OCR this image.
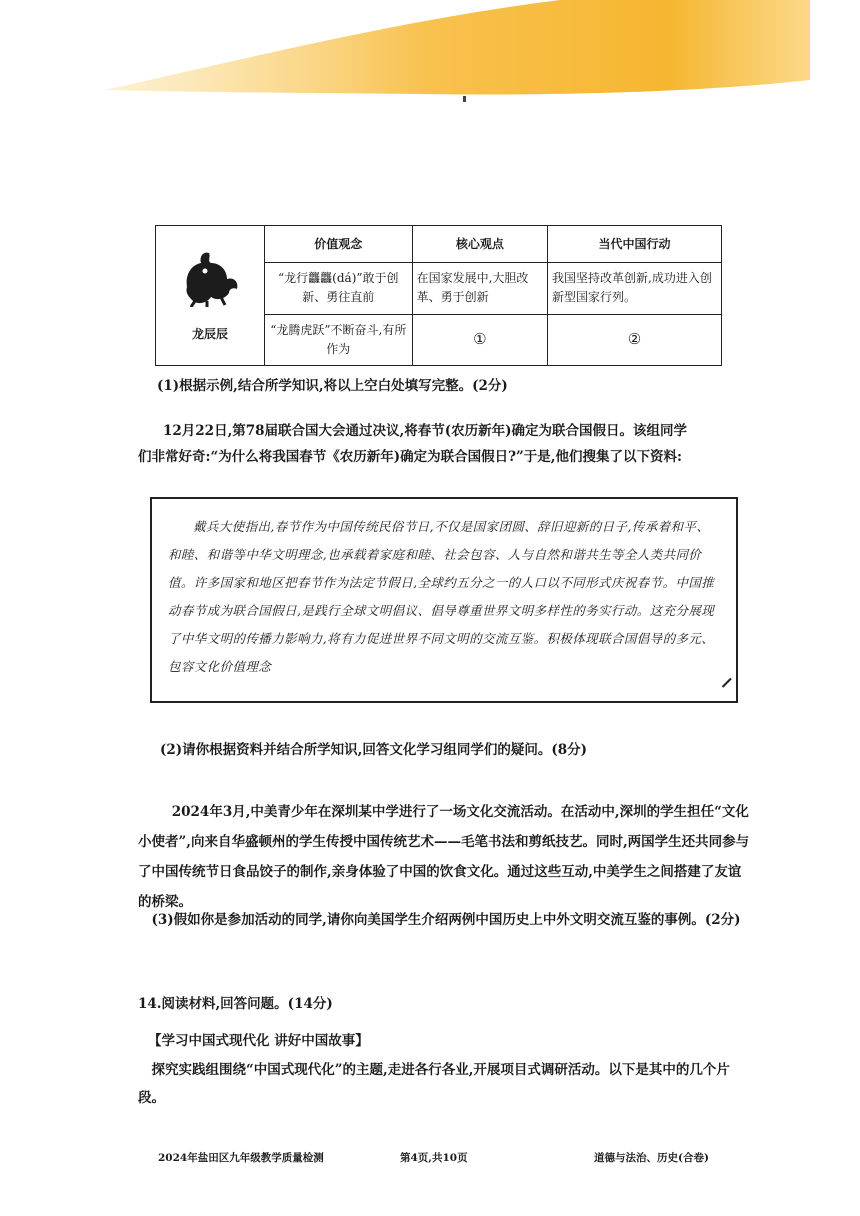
龙辰辰	价值观念	核心观点	当代中国行动
	“龙行龘龘(dá)”敢于创新、勇往直前	在国家发展中,大胆改革、勇于创新	我国坚持改革创新,成功进入创新型国家行列。
	“龙腾虎跃”不断奋斗,有所作为	①	②
(1)根据示例,结合所学知识,将以上空白处填写完整。(2分)
12月22日,第78届联合国大会通过决议,将春节(农历新年)确定为联合国假日。该组同学
们非常好奇:“为什么将我国春节《农历新年)确定为联合国假日?”于是,他们搜集了以下资料:
戴兵大使指出,春节作为中国传统民俗节日,不仅是国家团圆、辞旧迎新的日子,传承着和平、和睦、和谐等中华文明理念,也承载着家庭和睦、社会包容、人与自然和谐共生等全人类共同价值。许多国家和地区把春节作为法定节假日,全球约五分之一的人口以不同形式庆祝春节。中国推动春节成为联合国假日,是践行全球文明倡议、倡导尊重世界文明多样性的务实行动。这充分展现了中华文明的传播力影响力,将有力促进世界不同文明的交流互鉴。积极体现联合国倡导的多元、包容文化价值理念
(2)请你根据资料并结合所学知识,回答文化学习组同学们的疑问。(8分)
2024年3月,中美青少年在深圳某中学进行了一场文化交流活动。在活动中,深圳的学生担任“文化小使者”,向来自华盛顿州的学生传授中国传统艺术——毛笔书法和剪纸技艺。同时,两国学生还共同参与了中国传统节日食品饺子的制作,亲身体验了中国的饮食文化。通过这些互动,中美学生之间搭建了友谊的桥梁。
(3)假如你是参加活动的同学,请你向美国学生介绍两例中国历史上中外文明交流互鉴的事例。(2分)
14.阅读材料,回答问题。(14分)
【学习中国式现代化 讲好中国故事】
探究实践组围绕“中国式现代化”的主题,走进各行各业,开展项目式调研活动。以下是其中的几个片段。
2024年盐田区九年级教学质量检测	第4页,共10页	道德与法治、历史(合卷)
